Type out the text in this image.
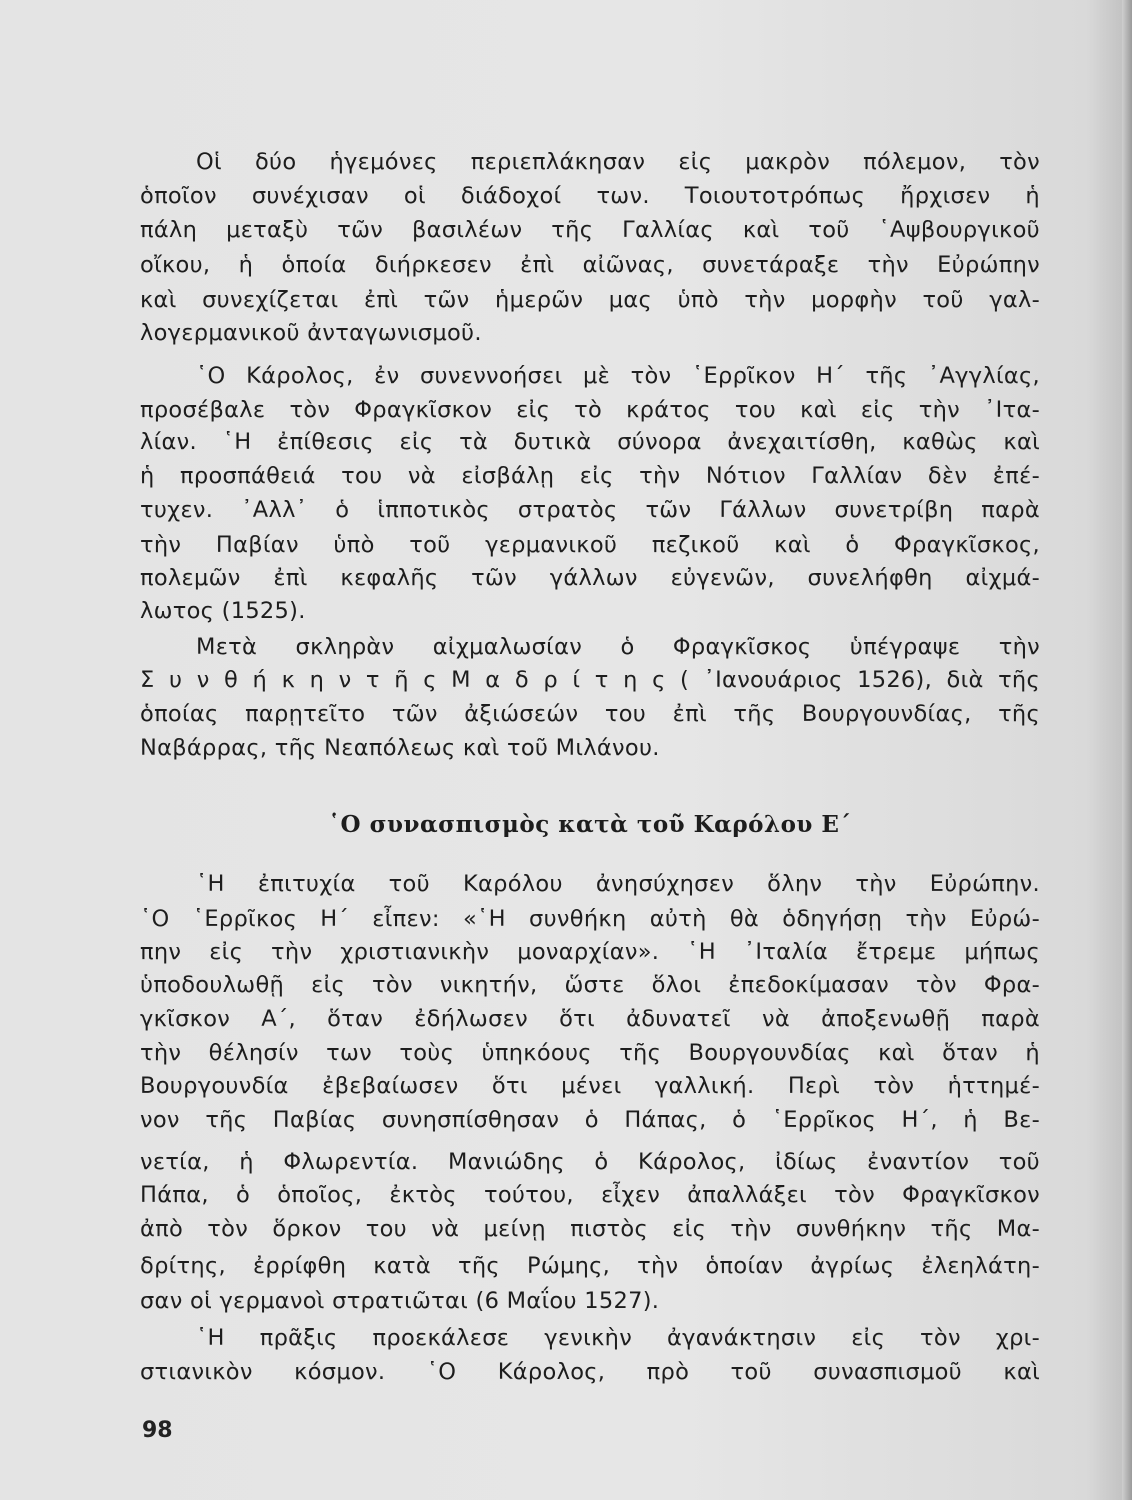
Οἱ δύο ἡγεμόνες περιεπλάκησαν εἰς μακρὸν πόλεμον, τὸν
ὁποῖον συνέχισαν οἱ διάδοχοί των. Τοιουτοτρόπως ἤρχισεν ἡ
πάλη μεταξὺ τῶν βασιλέων τῆς Γαλλίας καὶ τοῦ ῾Αψβουργικοῦ
οἴκου, ἡ ὁποία διήρκεσεν ἐπὶ αἰῶνας, συνετάραξε τὴν Εὐρώπην
καὶ συνεχίζεται ἐπὶ τῶν ἡμερῶν μας ὑπὸ τὴν μορφὴν τοῦ γαλ-
λογερμανικοῦ ἀνταγωνισμοῦ.
῾Ο Κάρολος, ἐν συνεννοήσει μὲ τὸν ῾Ερρῖκον Η΄ τῆς ᾿Αγγλίας,
προσέβαλε τὸν Φραγκῖσκον εἰς τὸ κράτος του καὶ εἰς τὴν ᾿Ιτα-
λίαν. ῾Η ἐπίθεσις εἰς τὰ δυτικὰ σύνορα ἀνεχαιτίσθη, καθὼς καὶ
ἡ προσπάθειά του νὰ εἰσβάλῃ εἰς τὴν Νότιον Γαλλίαν δὲν ἐπέ-
τυχεν. ᾿Αλλ᾿ ὁ ἱπποτικὸς στρατὸς τῶν Γάλλων συνετρίβη παρὰ
τὴν Παβίαν ὑπὸ τοῦ γερμανικοῦ πεζικοῦ καὶ ὁ Φραγκῖσκος,
πολεμῶν ἐπὶ κεφαλῆς τῶν γάλλων εὐγενῶν, συνελήφθη αἰχμά-
λωτος (1525).
Μετὰ σκληρὰν αἰχμαλωσίαν ὁ Φραγκῖσκος ὑπέγραψε τὴν
Σ υ ν θ ή κ η ν τ ῆ ς Μ α δ ρ ί τ η ς ( ᾿Ιανουάριος 1526), διὰ τῆς
ὁποίας παρῃτεῖτο τῶν ἀξιώσεών του ἐπὶ τῆς Βουργουνδίας, τῆς
Ναβάρρας, τῆς Νεαπόλεως καὶ τοῦ Μιλάνου.
῾Η ἐπιτυχία τοῦ Καρόλου ἀνησύχησεν ὅλην τὴν Εὐρώπην.
῾Ο ῾Ερρῖκος Η΄ εἶπεν: «῾Η συνθήκη αὐτὴ θὰ ὁδηγήσῃ τὴν Εὐρώ-
πην εἰς τὴν χριστιανικὴν μοναρχίαν». ῾Η ᾿Ιταλία ἔτρεμε μήπως
ὑποδουλωθῇ εἰς τὸν νικητήν, ὥστε ὅλοι ἐπεδοκίμασαν τὸν Φρα-
γκῖσκον Α΄, ὅταν ἐδήλωσεν ὅτι ἀδυνατεῖ νὰ ἀποξενωθῇ παρὰ
τὴν θέλησίν των τοὺς ὑπηκόους τῆς Βουργουνδίας καὶ ὅταν ἡ
Βουργουνδία ἐβεβαίωσεν ὅτι μένει γαλλική. Περὶ τὸν ἡττημέ-
νον τῆς Παβίας συνησπίσθησαν ὁ Πάπας, ὁ ῾Ερρῖκος Η΄, ἡ Βε-
νετία, ἡ Φλωρεντία. Μανιώδης ὁ Κάρολος, ἰδίως ἐναντίον τοῦ
Πάπα, ὁ ὁποῖος, ἐκτὸς τούτου, εἶχεν ἀπαλλάξει τὸν Φραγκῖσκον
ἀπὸ τὸν ὅρκον του νὰ μείνῃ πιστὸς εἰς τὴν συνθήκην τῆς Μα-
δρίτης, ἐρρίφθη κατὰ τῆς Ρώμης, τὴν ὁποίαν ἀγρίως ἐλεηλάτη-
σαν οἱ γερμανοὶ στρατιῶται (6 Μαΐου 1527).
῾Η πρᾶξις προεκάλεσε γενικὴν ἀγανάκτησιν εἰς τὸν χρι-
στιανικὸν κόσμον. ῾Ο Κάρολος, πρὸ τοῦ συνασπισμοῦ καὶ
῾Ο συνασπισμὸς κατὰ τοῦ Καρόλου Ε΄
98
